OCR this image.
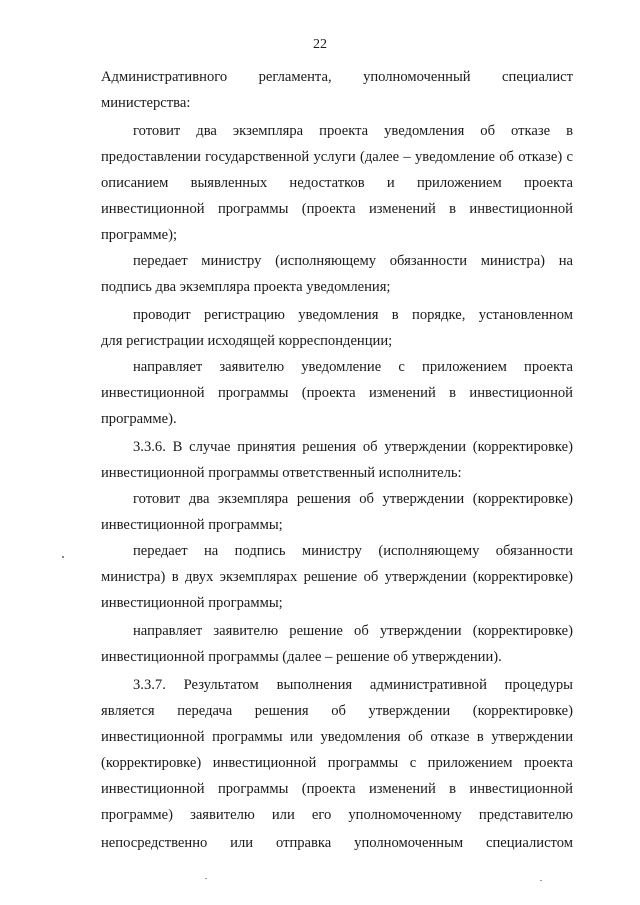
22
Административного регламента, уполномоченный специалист
министерства:
готовит два экземпляра проекта уведомления об отказе в
предоставлении государственной услуги (далее – уведомление об отказе) с
описанием выявленных недостатков и приложением проекта
инвестиционной программы (проекта изменений в инвестиционной
программе);
передает министру (исполняющему обязанности министра) на
подпись два экземпляра проекта уведомления;
проводит регистрацию уведомления в порядке, установленном
для регистрации исходящей корреспонденции;
направляет заявителю уведомление с приложением проекта
инвестиционной программы (проекта изменений в инвестиционной
программе).
3.3.6. В случае принятия решения об утверждении (корректировке)
инвестиционной программы ответственный исполнитель:
готовит два экземпляра решения об утверждении (корректировке)
инвестиционной программы;
передает на подпись министру (исполняющему обязанности
министра) в двух экземплярах решение об утверждении (корректировке)
инвестиционной программы;
направляет заявителю решение об утверждении (корректировке)
инвестиционной программы (далее – решение об утверждении).
3.3.7. Результатом выполнения административной процедуры
является передача решения об утверждении (корректировке)
инвестиционной программы или уведомления об отказе в утверждении
(корректировке) инвестиционной программы с приложением проекта
инвестиционной программы (проекта изменений в инвестиционной
программе) заявителю или его уполномоченному представителю
непосредственно или отправка уполномоченным специалистом
